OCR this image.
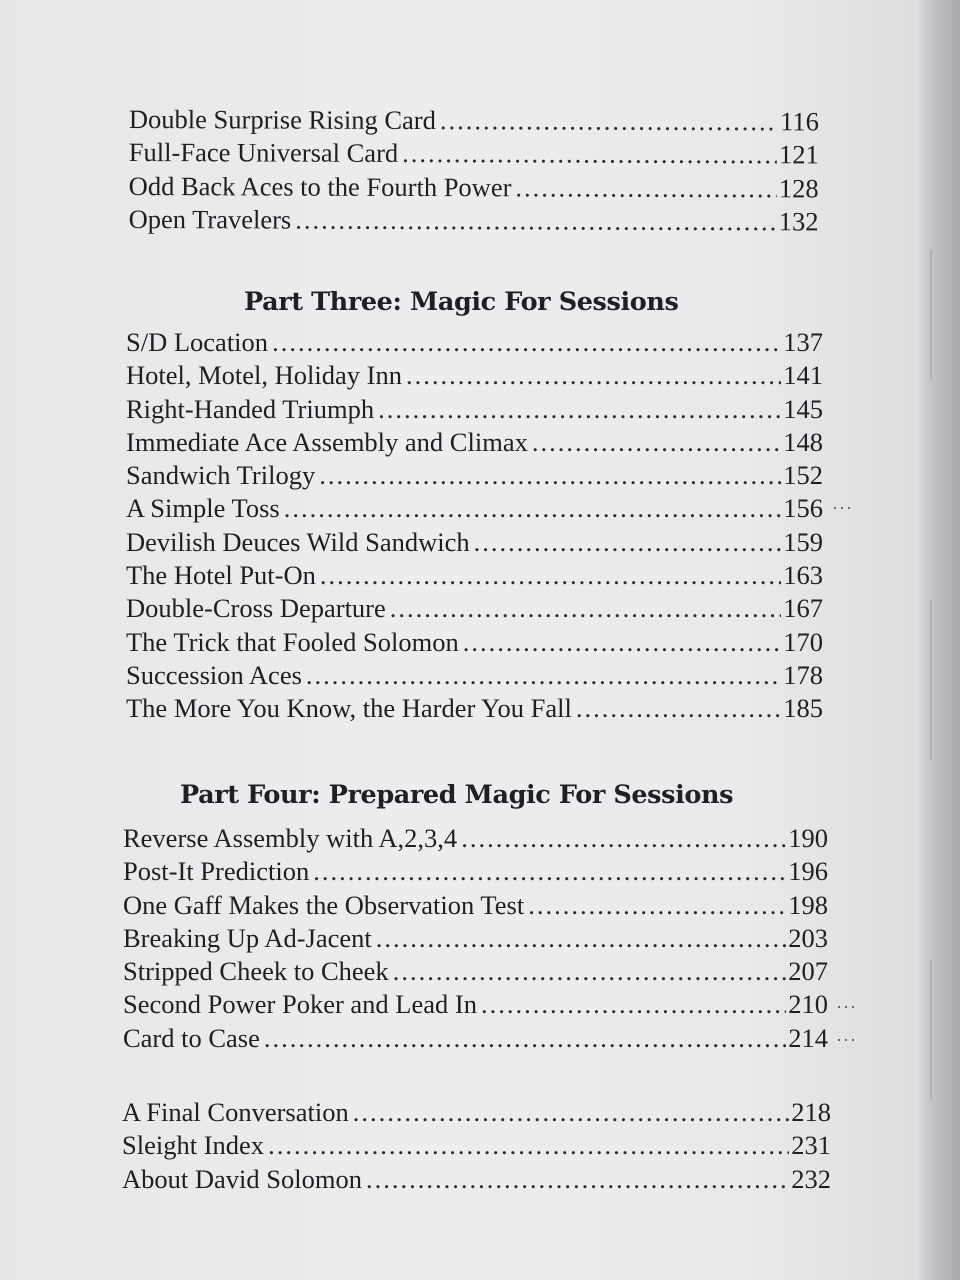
Double Surprise Rising Card .....	116
Full-Face Universal Card .....	121
Odd Back Aces to the Fourth Power .....	128
Open Travelers .....	132
Part Three: Magic For Sessions
S/D Location .....	137
Hotel, Motel, Holiday Inn .....	141
Right-Handed Triumph .....	145
Immediate Ace Assembly and Climax .....	148
Sandwich Trilogy .....	152
A Simple Toss .....	156
Devilish Deuces Wild Sandwich .....	159
The Hotel Put-On .....	163
Double-Cross Departure .....	167
The Trick that Fooled Solomon .....	170
Succession Aces .....	178
The More You Know, the Harder You Fall .....	185
Part Four: Prepared Magic For Sessions
Reverse Assembly with A,2,3,4 .....	190
Post-It Prediction .....	196
One Gaff Makes the Observation Test .....	198
Breaking Up Ad-Jacent .....	203
Stripped Cheek to Cheek .....	207
Second Power Poker and Lead In .....	210
Card to Case .....	214
A Final Conversation .....	218
Sleight Index .....	231
About David Solomon .....	232
···
···
···
